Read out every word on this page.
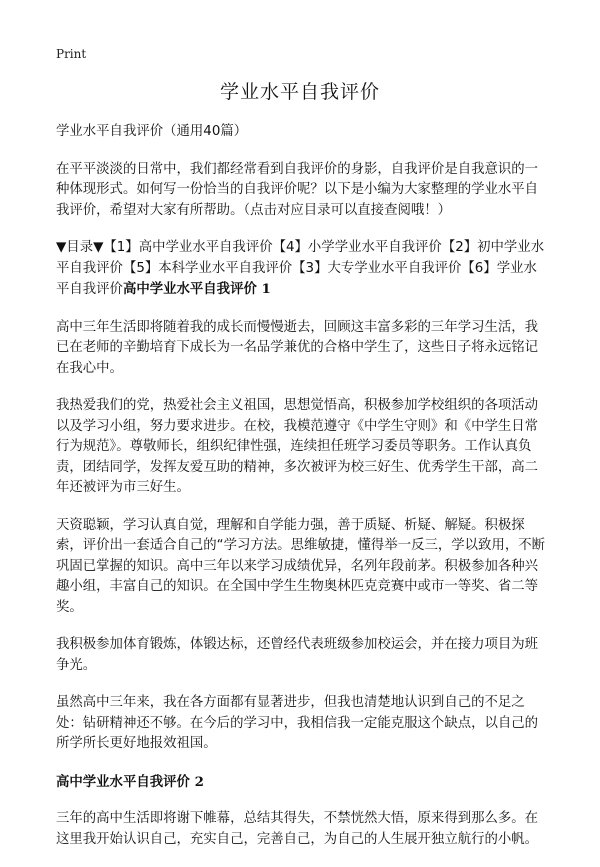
Print
学业水平自我评价

学业水平自我评价（通用40篇）

在平平淡淡的日常中，我们都经常看到自我评价的身影，自我评价是自我意识的一种体现形式。如何写一份恰当的自我评价呢？以下是小编为大家整理的学业水平自我评价，希望对大家有所帮助。（点击对应目录可以直接查阅哦！）

▼目录▼【1】高中学业水平自我评价【4】小学学业水平自我评价【2】初中学业水平自我评价【5】本科学业水平自我评价【3】大专学业水平自我评价【6】学业水平自我评价高中学业水平自我评价 1

高中三年生活即将随着我的成长而慢慢逝去，回顾这丰富多彩的三年学习生活，我已在老师的辛勤培育下成长为一名品学兼优的合格中学生了，这些日子将永远铭记在我心中。

我热爱我们的党，热爱社会主义祖国，思想觉悟高，积极参加学校组织的各项活动以及学习小组，努力要求进步。在校，我模范遵守《中学生守则》和《中学生日常行为规范》。尊敬师长，组织纪律性强，连续担任班学习委员等职务。工作认真负责，团结同学，发挥友爱互助的精神，多次被评为校三好生、优秀学生干部，高二年还被评为市三好生。

天资聪颖，学习认真自觉，理解和自学能力强，善于质疑、析疑、解疑。积极探索，评价出一套适合自己的“学习方法。思维敏捷，懂得举一反三，学以致用，不断巩固已掌握的知识。高中三年以来学习成绩优异，名列年段前茅。积极参加各种兴趣小组，丰富自己的知识。在全国中学生生物奥林匹克竞赛中或市一等奖、省二等奖。

我积极参加体育锻炼，体锻达标，还曾经代表班级参加校运会，并在接力项目为班争光。

虽然高中三年来，我在各方面都有显著进步，但我也清楚地认识到自己的不足之处：钻研精神还不够。在今后的学习中，我相信我一定能克服这个缺点，以自己的所学所长更好地报效祖国。

高中学业水平自我评价 2

三年的高中生活即将谢下帷幕，总结其得失，不禁恍然大悟，原来得到那么多。在这里我开始认识自己，充实自己，完善自己，为自己的人生展开独立航行的小帆。
